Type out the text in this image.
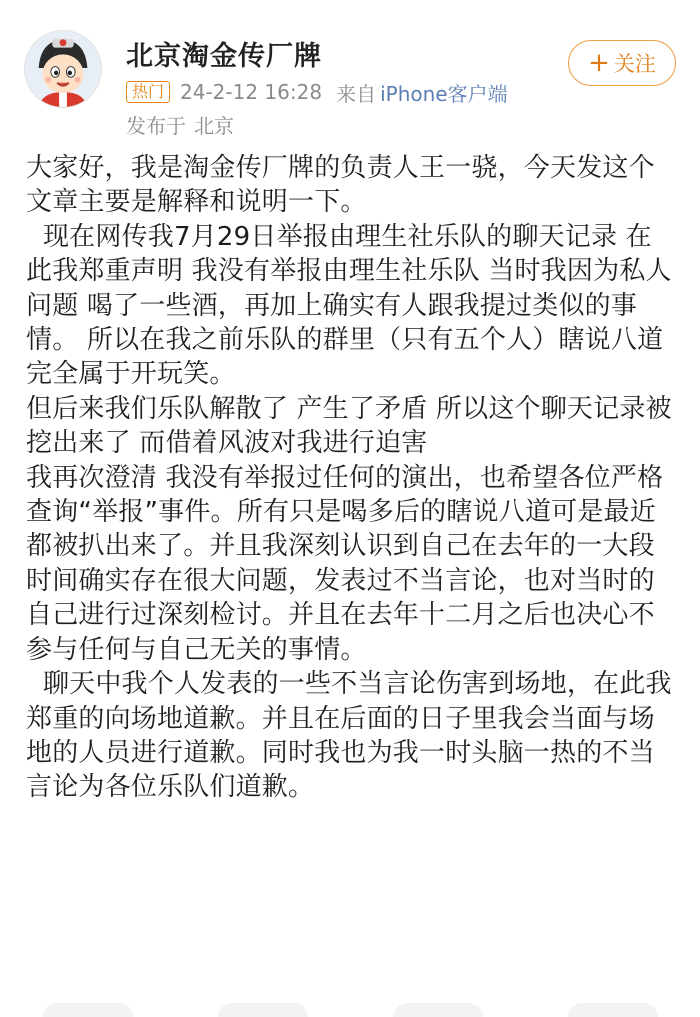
北京淘金传厂牌
热门 24-2-12 16:28 来自 iPhone客户端
发布于 北京
+ 关注

大家好，我是淘金传厂牌的负责人王一骁，今天发这个文章主要是解释和说明一下。

现在网传我7月29日举报由理生社乐队的聊天记录 在此我郑重声明 我没有举报由理生社乐队 当时我因为私人问题 喝了一些酒，再加上确实有人跟我提过类似的事情。 所以在我之前乐队的群里（只有五个人）瞎说八道 完全属于开玩笑。

但后来我们乐队解散了 产生了矛盾 所以这个聊天记录被挖出来了 而借着风波对我进行迫害

我再次澄清 我没有举报过任何的演出，也希望各位严格查询“举报”事件。所有只是喝多后的瞎说八道可是最近都被扒出来了。并且我深刻认识到自己在去年的一大段时间确实存在很大问题，发表过不当言论，也对当时的自己进行过深刻检讨。并且在去年十二月之后也决心不参与任何与自己无关的事情。

聊天中我个人发表的一些不当言论伤害到场地，在此我郑重的向场地道歉。并且在后面的日子里我会当面与场地的人员进行道歉。同时我也为我一时头脑一热的不当言论为各位乐队们道歉。
